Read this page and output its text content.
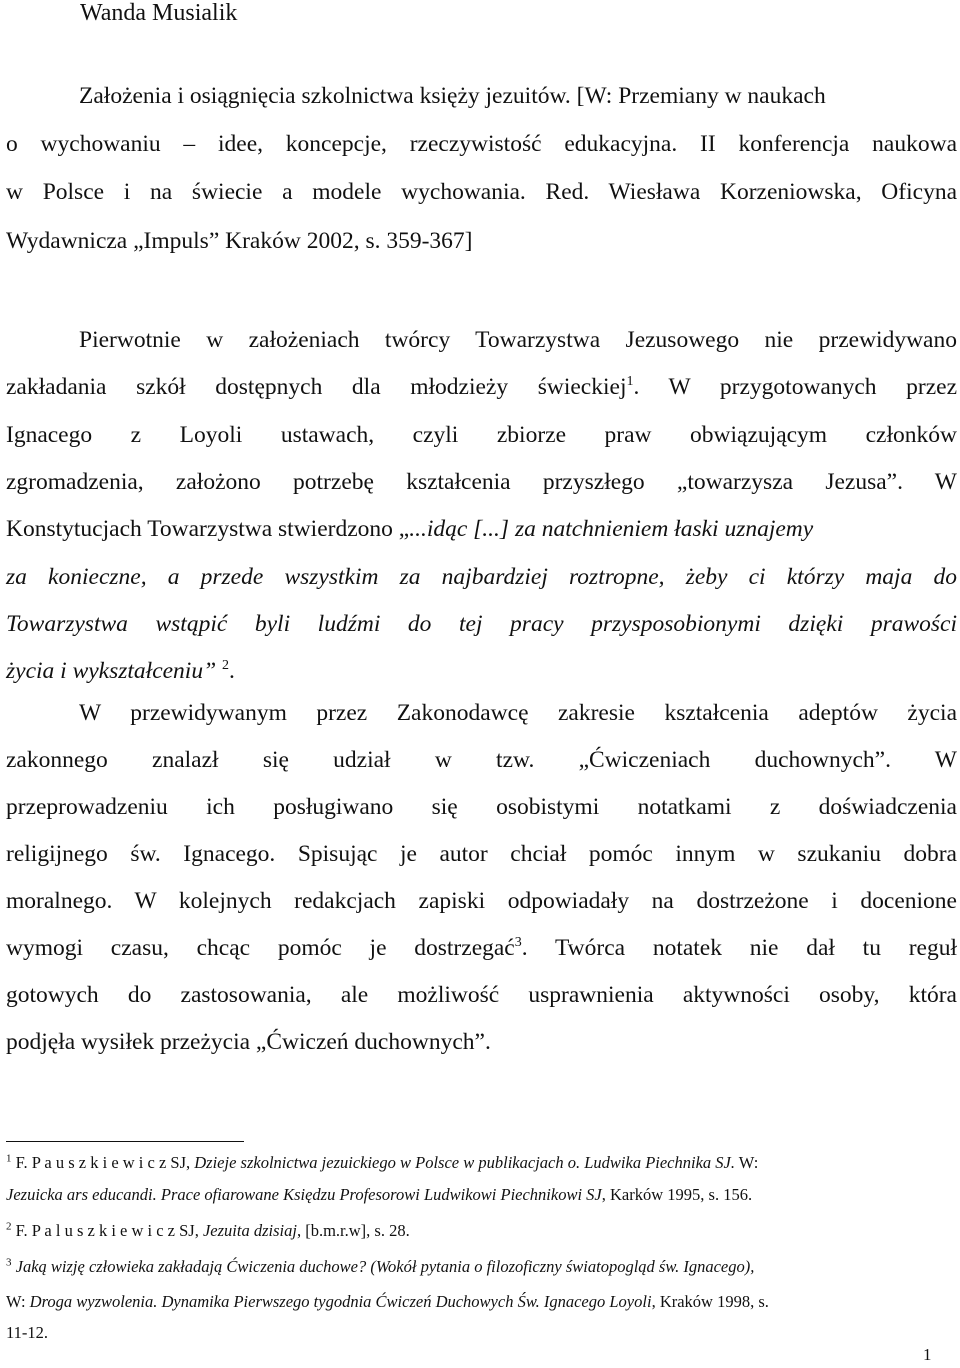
Wanda Musialik
Założenia i osiągnięcia szkolnictwa księży jezuitów. [W: Przemiany w naukach
o wychowaniu – idee, koncepcje, rzeczywistość edukacyjna. II konferencja naukowa
w Polsce i na świecie a modele wychowania. Red. Wiesława Korzeniowska, Oficyna
Wydawnicza „Impuls” Kraków 2002, s. 359-367]
Pierwotnie w założeniach twórcy Towarzystwa Jezusowego nie przewidywano
zakładania szkół dostępnych dla młodzieży świeckiej$^1$. W przygotowanych przez
Ignacego z Loyoli ustawach, czyli zbiorze praw obwiązującym członków
zgromadzenia, założono potrzebę kształcenia przyszłego „towarzysza Jezusa”. W
Konstytucjach Towarzystwa stwierdzono „...idąc [...] za natchnieniem łaski uznajemy
za konieczne, a przede wszystkim za najbardziej roztropne, żeby ci którzy maja do
Towarzystwa wstąpić byli ludźmi do tej pracy przysposobionymi dzięki prawości
życia i wykształceniu” $^2$.
W przewidywanym przez Zakonodawcę zakresie kształcenia adeptów życia
zakonnego znalazł się udział w tzw. „Ćwiczeniach duchownych”. W
przeprowadzeniu ich posługiwano się osobistymi notatkami z doświadczenia
religijnego św. Ignacego. Spisując je autor chciał pomóc innym w szukaniu dobra
moralnego. W kolejnych redakcjach zapiski odpowiadały na dostrzeżone i docenione
wymogi czasu, chcąc pomóc je dostrzegać$^3$. Twórca notatek nie dał tu reguł
gotowych do zastosowania, ale możliwość usprawnienia aktywności osoby, która
podjęła wysiłek przeżycia „Ćwiczeń duchownych”.
$^1$ F. P a u s z k i e w i c z SJ, Dzieje szkolnictwa jezuickiego w Polsce w publikacjach o. Ludwika Piechnika SJ. W:
Jezuicka ars educandi. Prace ofiarowane Księdzu Profesorowi Ludwikowi Piechnikowi SJ, Karków 1995, s. 156.
$^2$ F. P a l u s z k i e w i c z SJ, Jezuita dzisiaj, [b.m.r.w], s. 28.
$^3$ Jaką wizję człowieka zakładają Ćwiczenia duchowe? (Wokół pytania o filozoficzny światopogląd św. Ignacego),
W: Droga wyzwolenia. Dynamika Pierwszego tygodnia Ćwiczeń Duchowych Św. Ignacego Loyoli, Kraków 1998, s.
11-12.
1
